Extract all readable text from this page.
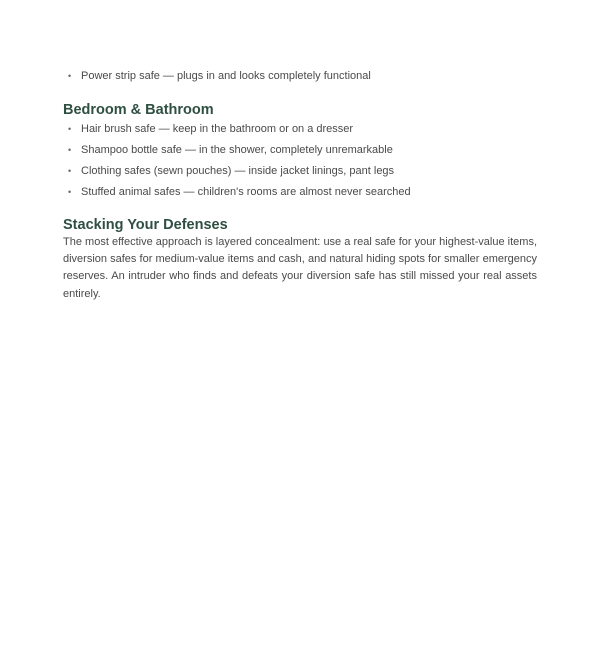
• Power strip safe — plugs in and looks completely functional
Bedroom & Bathroom
• Hair brush safe — keep in the bathroom or on a dresser
• Shampoo bottle safe — in the shower, completely unremarkable
• Clothing safes (sewn pouches) — inside jacket linings, pant legs
• Stuffed animal safes — children's rooms are almost never searched
Stacking Your Defenses

The most effective approach is layered concealment: use a real safe for your highest-value items, diversion safes for medium-value items and cash, and natural hiding spots for smaller emergency reserves. An intruder who finds and defeats your diversion safe has still missed your real assets entirely.
